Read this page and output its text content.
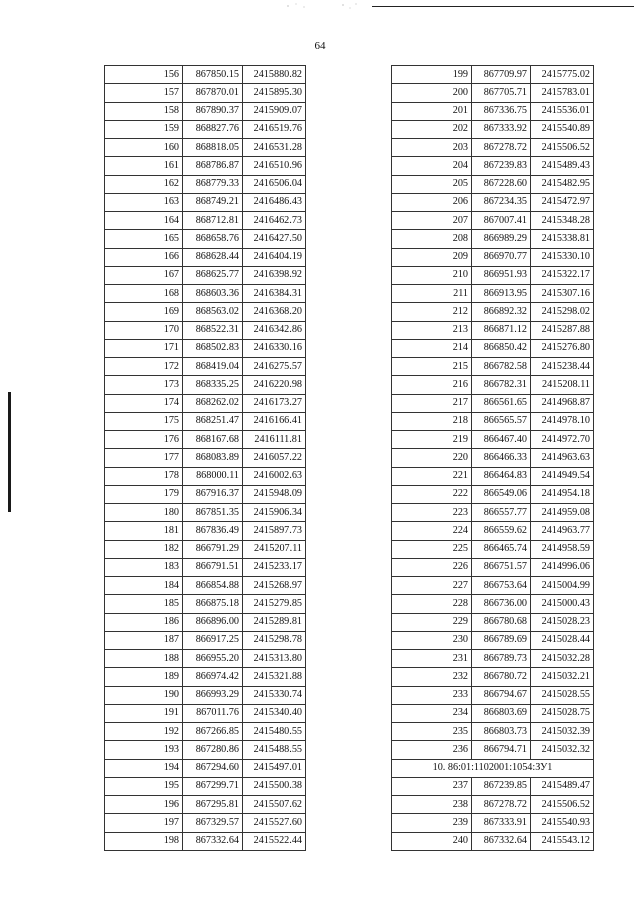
64
156	867850.15	2415880.82
157	867870.01	2415895.30
158	867890.37	2415909.07
159	868827.76	2416519.76
160	868818.05	2416531.28
161	868786.87	2416510.96
162	868779.33	2416506.04
163	868749.21	2416486.43
164	868712.81	2416462.73
165	868658.76	2416427.50
166	868628.44	2416404.19
167	868625.77	2416398.92
168	868603.36	2416384.31
169	868563.02	2416368.20
170	868522.31	2416342.86
171	868502.83	2416330.16
172	868419.04	2416275.57
173	868335.25	2416220.98
174	868262.02	2416173.27
175	868251.47	2416166.41
176	868167.68	2416111.81
177	868083.89	2416057.22
178	868000.11	2416002.63
179	867916.37	2415948.09
180	867851.35	2415906.34
181	867836.49	2415897.73
182	866791.29	2415207.11
183	866791.51	2415233.17
184	866854.88	2415268.97
185	866875.18	2415279.85
186	866896.00	2415289.81
187	866917.25	2415298.78
188	866955.20	2415313.80
189	866974.42	2415321.88
190	866993.29	2415330.74
191	867011.76	2415340.40
192	867266.85	2415480.55
193	867280.86	2415488.55
194	867294.60	2415497.01
195	867299.71	2415500.38
196	867295.81	2415507.62
197	867329.57	2415527.60
198	867332.64	2415522.44
199	867709.97	2415775.02
200	867705.71	2415783.01
201	867336.75	2415536.01
202	867333.92	2415540.89
203	867278.72	2415506.52
204	867239.83	2415489.43
205	867228.60	2415482.95
206	867234.35	2415472.97
207	867007.41	2415348.28
208	866989.29	2415338.81
209	866970.77	2415330.10
210	866951.93	2415322.17
211	866913.95	2415307.16
212	866892.32	2415298.02
213	866871.12	2415287.88
214	866850.42	2415276.80
215	866782.58	2415238.44
216	866782.31	2415208.11
217	866561.65	2414968.87
218	866565.57	2414978.10
219	866467.40	2414972.70
220	866466.33	2414963.63
221	866464.83	2414949.54
222	866549.06	2414954.18
223	866557.77	2414959.08
224	866559.62	2414963.77
225	866465.74	2414958.59
226	866751.57	2414996.06
227	866753.64	2415004.99
228	866736.00	2415000.43
229	866780.68	2415028.23
230	866789.69	2415028.44
231	866789.73	2415032.28
232	866780.72	2415032.21
233	866794.67	2415028.55
234	866803.69	2415028.75
235	866803.73	2415032.39
236	866794.71	2415032.32
10. 86:01:1102001:1054:ЗУ1		
237	867239.85	2415489.47
238	867278.72	2415506.52
239	867333.91	2415540.93
240	867332.64	2415543.12
